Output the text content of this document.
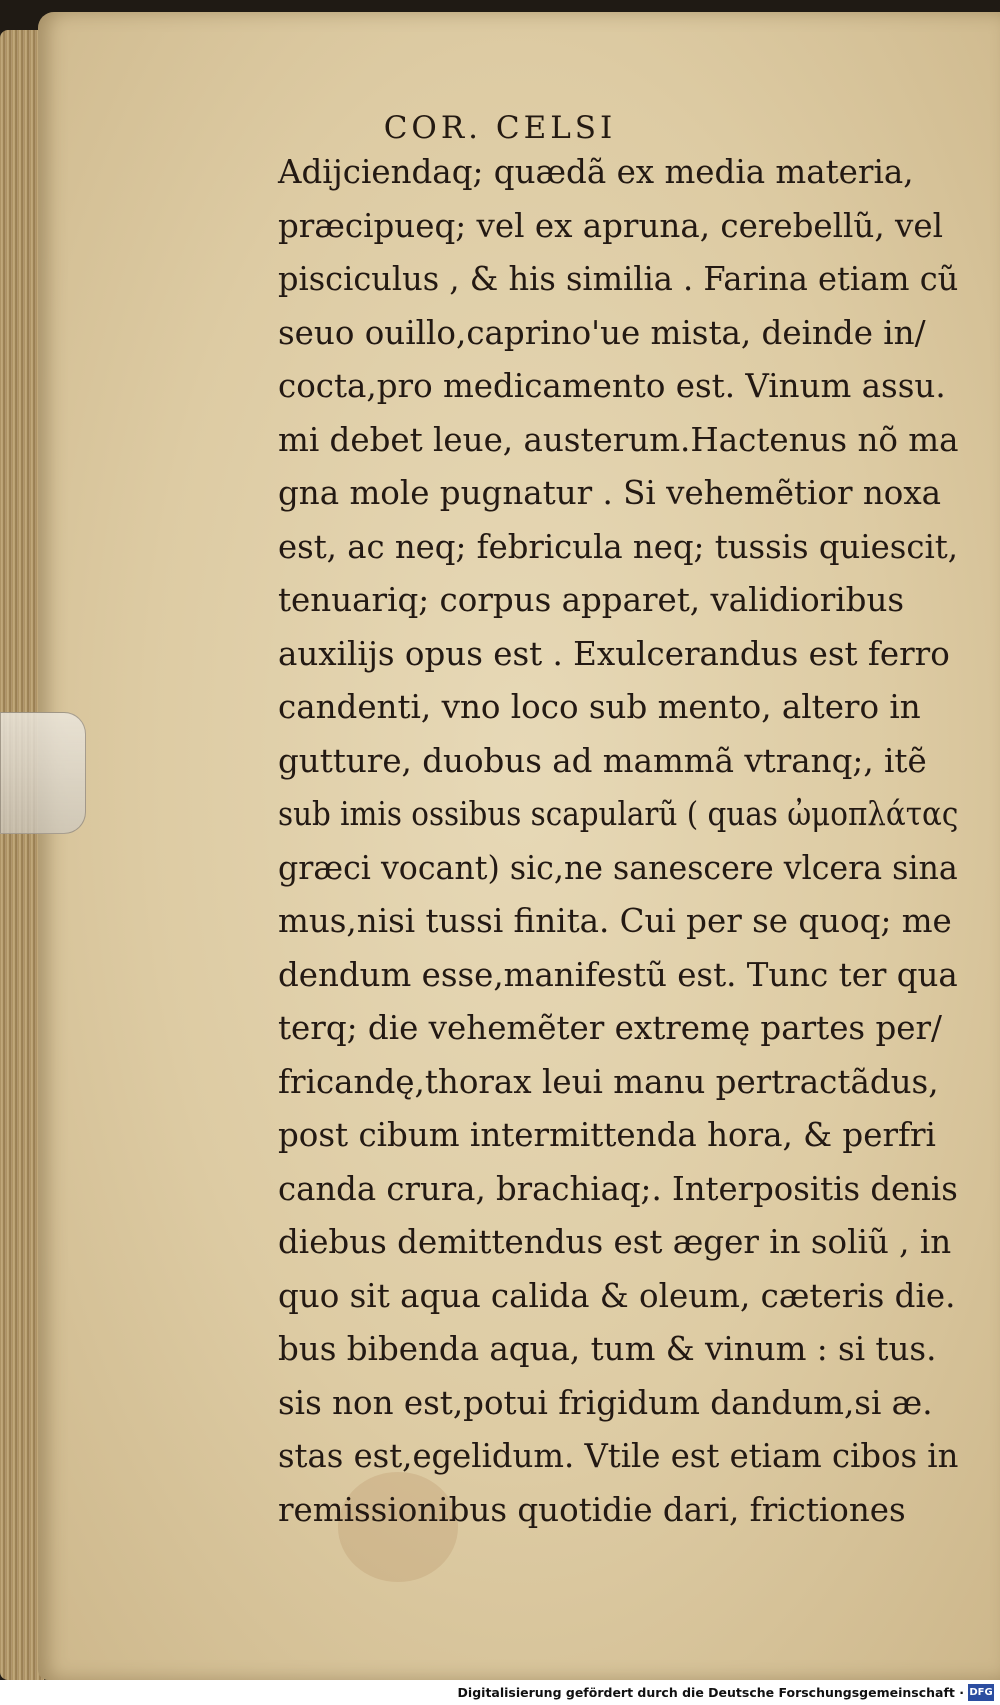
COR. CELSI
Adijciendaq; quædã ex media materia,
præcipueq; vel ex apruna, cerebellũ, vel
pisciculus , & his similia . Farina etiam cũ
seuo ouillo,caprino'ue mista, deinde in/
cocta,pro medicamento est. Vinum assu.
mi debet leue, austerum.Hactenus nõ ma
gna mole pugnatur . Si vehemẽtior noxa
est, ac neq; febricula neq; tussis quiescit,
tenuariq; corpus apparet, validioribus
auxilijs opus est . Exulcerandus est ferro
candenti, vno loco sub mento, altero in
gutture, duobus ad mammã vtranq;, itẽ
sub imis ossibus scapularũ ( quas ὠμοπλάτας
græci vocant) sic,ne sanescere vlcera sina
mus,nisi tussi finita. Cui per se quoq; me
dendum esse,manifestũ est. Tunc ter qua
terq; die vehemẽter extremę partes per/
fricandę,thorax leui manu pertractãdus,
post cibum intermittenda hora, & perfri
canda crura, brachiaq;. Interpositis denis
diebus demittendus est æger in soliũ , in
quo sit aqua calida & oleum, cæteris die.
bus bibenda aqua, tum & vinum : si tus.
sis non est,potui frigidum dandum,si æ.
stas est,egelidum. Vtile est etiam cibos in
remissionibus quotidie dari, frictiones
Digitalisierung gefördert durch die Deutsche Forschungsgemeinschaft · DFG
